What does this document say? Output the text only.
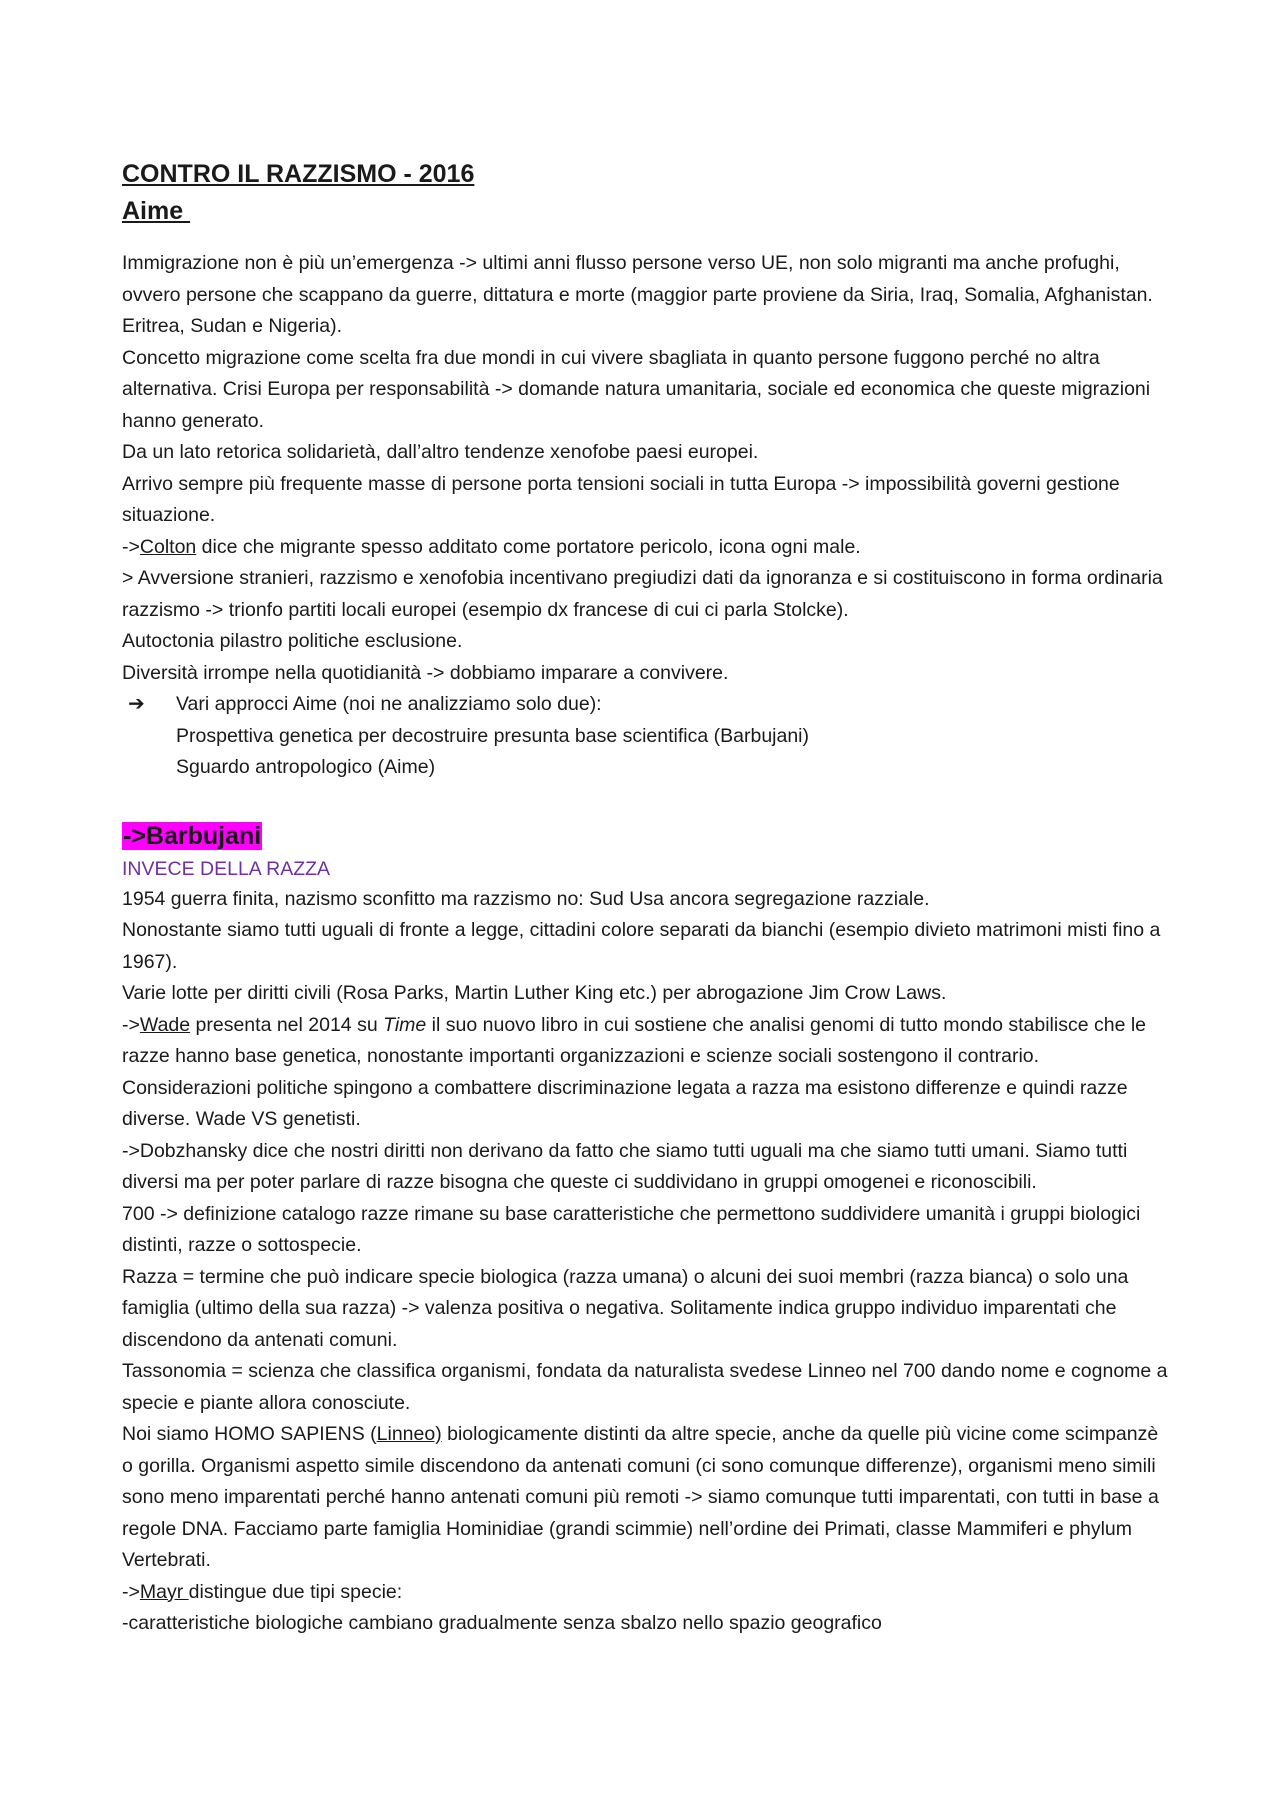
CONTRO IL RAZZISMO - 2016
Aime

Immigrazione non è più un’emergenza -> ultimi anni flusso persone verso UE, non solo migranti ma anche profughi, ovvero persone che scappano da guerre, dittatura e morte (maggior parte proviene da Siria, Iraq, Somalia, Afghanistan. Eritrea, Sudan e Nigeria).

Concetto migrazione come scelta fra due mondi in cui vivere sbagliata in quanto persone fuggono perché no altra alternativa. Crisi Europa per responsabilità -> domande natura umanitaria, sociale ed economica che queste migrazioni hanno generato.

Da un lato retorica solidarietà, dall’altro tendenze xenofobe paesi europei.

Arrivo sempre più frequente masse di persone porta tensioni sociali in tutta Europa -> impossibilità governi gestione situazione.

->Colton dice che migrante spesso additato come portatore pericolo, icona ogni male.

> Avversione stranieri, razzismo e xenofobia incentivano pregiudizi dati da ignoranza e si costituiscono in forma ordinaria razzismo -> trionfo partiti locali europei (esempio dx francese di cui ci parla Stolcke).

Autoctonia pilastro politiche esclusione.

Diversità irrompe nella quotidianità -> dobbiamo imparare a convivere.

➔	Vari approcci Aime (noi ne analizziamo solo due):
Prospettiva genetica per decostruire presunta base scientifica (Barbujani)
Sguardo antropologico (Aime)
->Barbujani
INVECE DELLA RAZZA

1954 guerra finita, nazismo sconfitto ma razzismo no: Sud Usa ancora segregazione razziale.

Nonostante siamo tutti uguali di fronte a legge, cittadini colore separati da bianchi (esempio divieto matrimoni misti fino a 1967).

Varie lotte per diritti civili (Rosa Parks, Martin Luther King etc.) per abrogazione Jim Crow Laws.

->Wade presenta nel 2014 su Time il suo nuovo libro in cui sostiene che analisi genomi di tutto mondo stabilisce che le razze hanno base genetica, nonostante importanti organizzazioni e scienze sociali sostengono il contrario. Considerazioni politiche spingono a combattere discriminazione legata a razza ma esistono differenze e quindi razze diverse. Wade VS genetisti.

->Dobzhansky dice che nostri diritti non derivano da fatto che siamo tutti uguali ma che siamo tutti umani. Siamo tutti diversi ma per poter parlare di razze bisogna che queste ci suddividano in gruppi omogenei e riconoscibili.

700 -> definizione catalogo razze rimane su base caratteristiche che permettono suddividere umanità i gruppi biologici distinti, razze o sottospecie.

Razza = termine che può indicare specie biologica (razza umana) o alcuni dei suoi membri (razza bianca) o solo una famiglia (ultimo della sua razza) -> valenza positiva o negativa. Solitamente indica gruppo individuo imparentati che discendono da antenati comuni.

Tassonomia = scienza che classifica organismi, fondata da naturalista svedese Linneo nel 700 dando nome e cognome a specie e piante allora conosciute.

Noi siamo HOMO SAPIENS (Linneo) biologicamente distinti da altre specie, anche da quelle più vicine come scimpanzè o gorilla. Organismi aspetto simile discendono da antenati comuni (ci sono comunque differenze), organismi meno simili sono meno imparentati perché hanno antenati comuni più remoti -> siamo comunque tutti imparentati, con tutti in base a regole DNA. Facciamo parte famiglia Hominidiae (grandi scimmie) nell’ordine dei Primati, classe Mammiferi e phylum Vertebrati.

->Mayr distingue due tipi specie:

-caratteristiche biologiche cambiano gradualmente senza sbalzo nello spazio geografico
